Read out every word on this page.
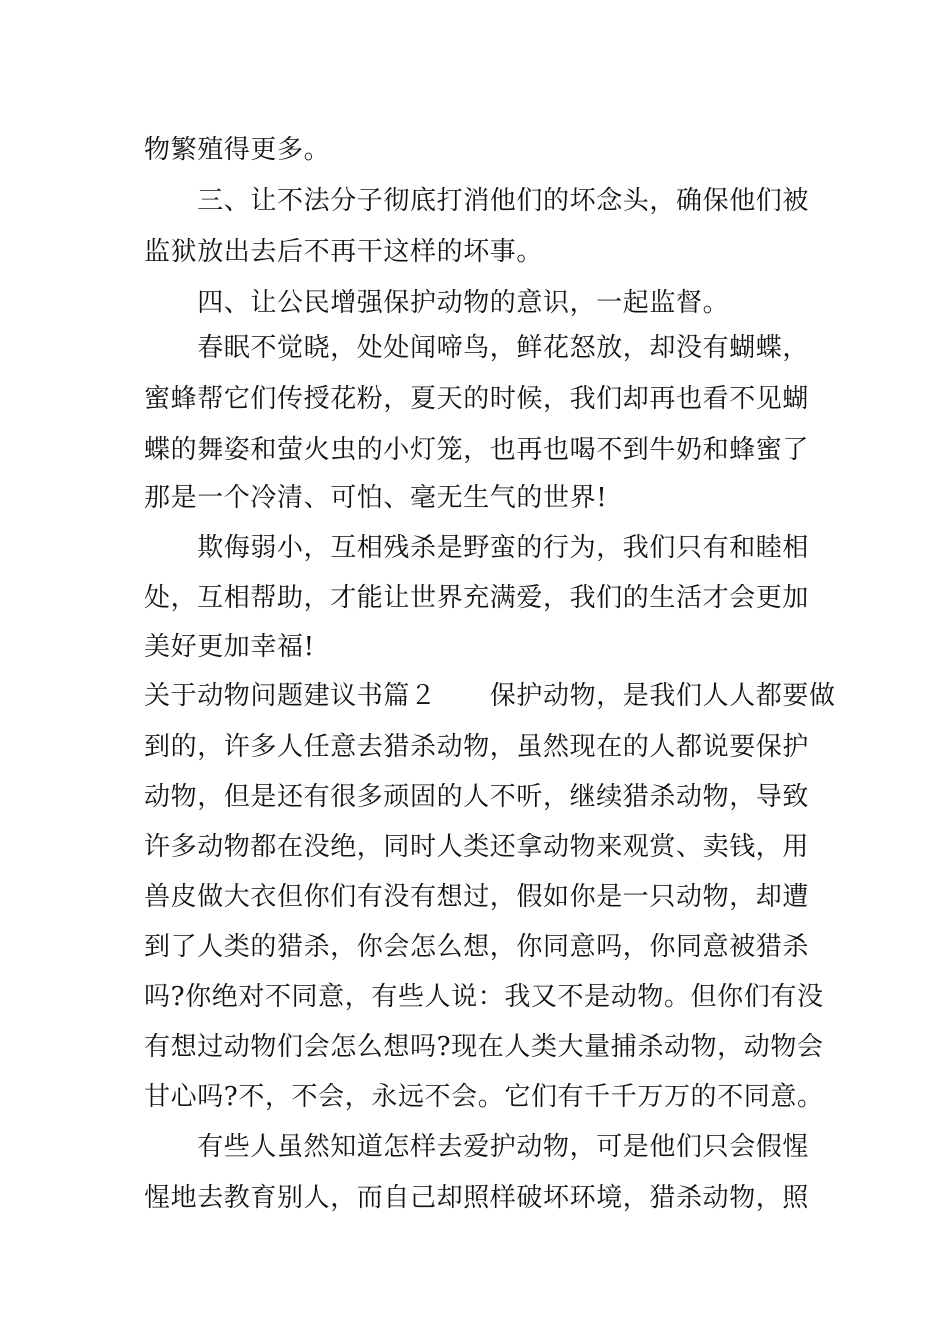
物繁殖得更多。
　　三、让不法分子彻底打消他们的坏念头，确保他们被
监狱放出去后不再干这样的坏事。
　　四、让公民增强保护动物的意识，一起监督。
　　春眠不觉晓，处处闻啼鸟，鲜花怒放，却没有蝴蝶，
蜜蜂帮它们传授花粉，夏天的时候，我们却再也看不见蝴
蝶的舞姿和萤火虫的小灯笼，也再也喝不到牛奶和蜂蜜了
那是一个冷清、可怕、毫无生气的世界!
　　欺侮弱小，互相残杀是野蛮的行为，我们只有和睦相
处，互相帮助，才能让世界充满爱，我们的生活才会更加
美好更加幸福!
关于动物问题建议书篇２　　保护动物，是我们人人都要做
到的，许多人任意去猎杀动物，虽然现在的人都说要保护
动物，但是还有很多顽固的人不听，继续猎杀动物，导致
许多动物都在没绝，同时人类还拿动物来观赏、卖钱，用
兽皮做大衣但你们有没有想过，假如你是一只动物，却遭
到了人类的猎杀，你会怎么想，你同意吗，你同意被猎杀
吗?你绝对不同意，有些人说：我又不是动物。但你们有没
有想过动物们会怎么想吗?现在人类大量捕杀动物，动物会
甘心吗?不，不会，永远不会。它们有千千万万的不同意。
　　有些人虽然知道怎样去爱护动物，可是他们只会假惺
惺地去教育别人，而自己却照样破坏环境，猎杀动物，照
